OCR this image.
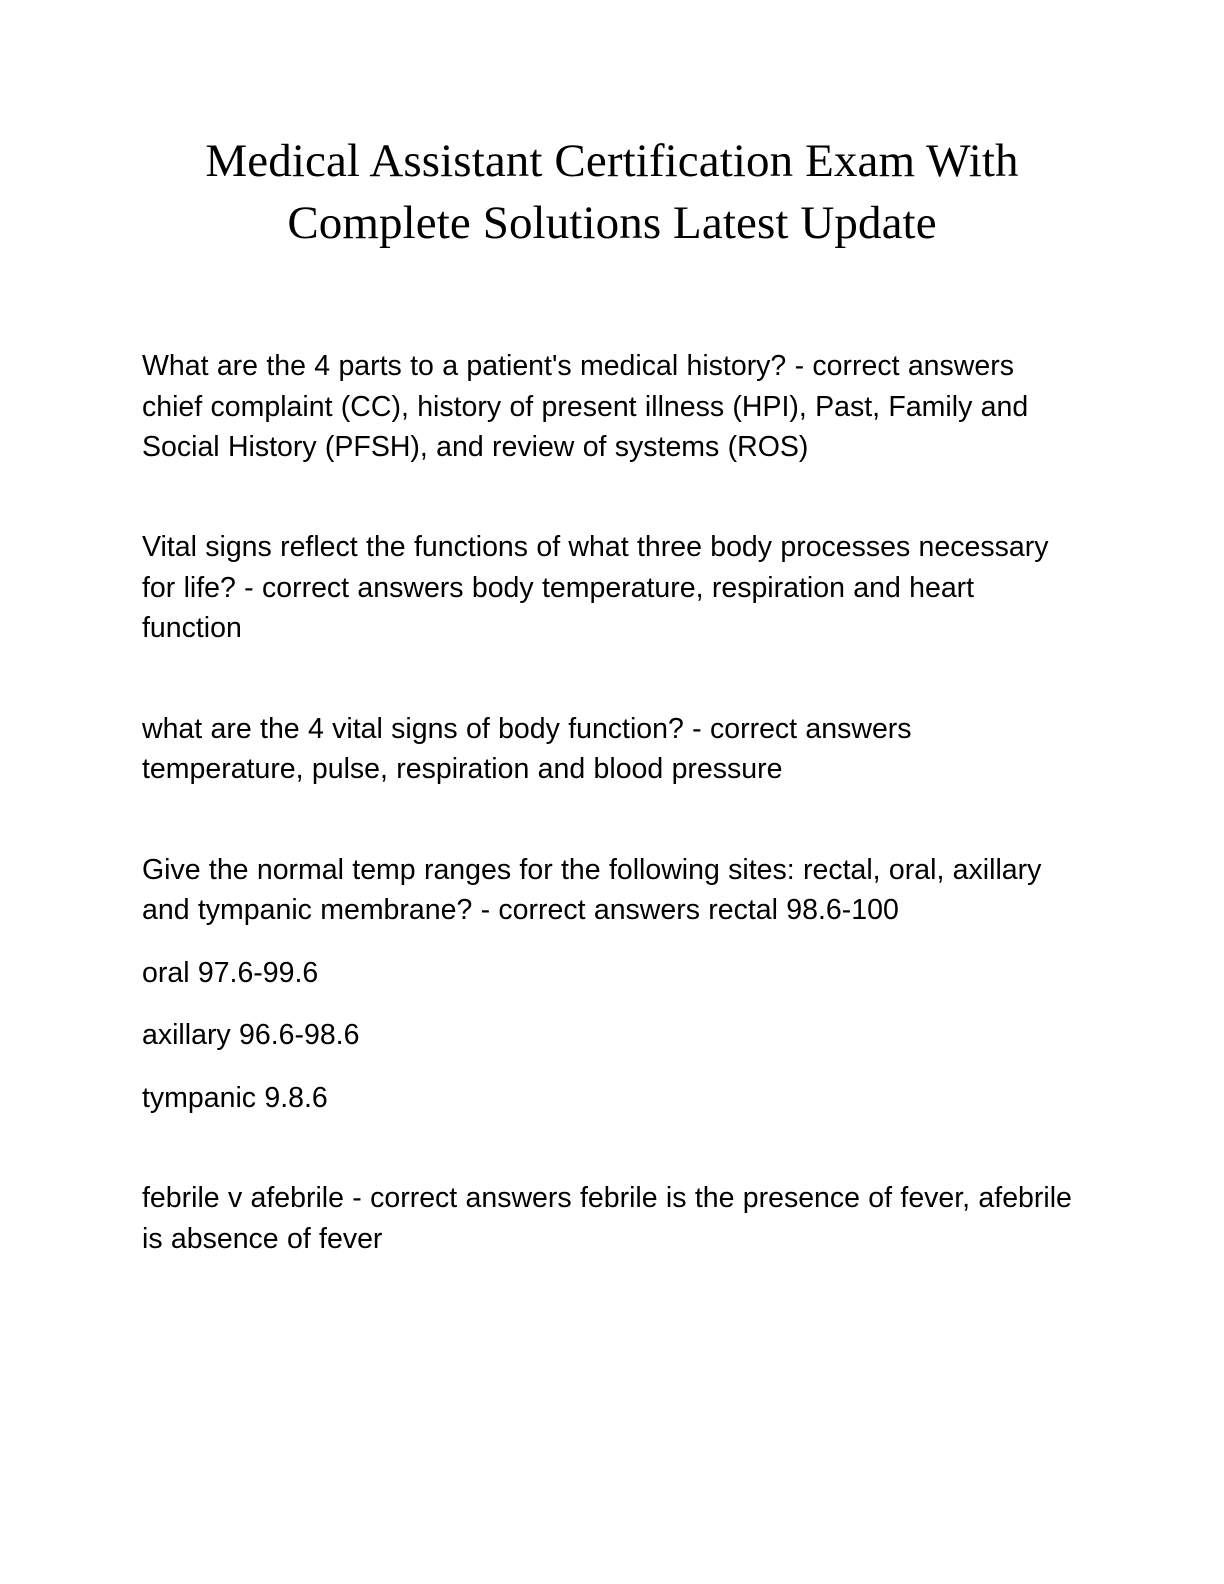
Medical Assistant Certification Exam With Complete Solutions Latest Update

What are the 4 parts to a patient's medical history? - correct answers chief complaint (CC), history of present illness (HPI), Past, Family and Social History (PFSH), and review of systems (ROS)

Vital signs reflect the functions of what three body processes necessary for life? - correct answers body temperature, respiration and heart function

what are the 4 vital signs of body function? - correct answers temperature, pulse, respiration and blood pressure

Give the normal temp ranges for the following sites: rectal, oral, axillary and tympanic membrane? - correct answers rectal 98.6-100

oral 97.6-99.6

axillary 96.6-98.6

tympanic 9.8.6

febrile v afebrile - correct answers febrile is the presence of fever, afebrile is absence of fever
